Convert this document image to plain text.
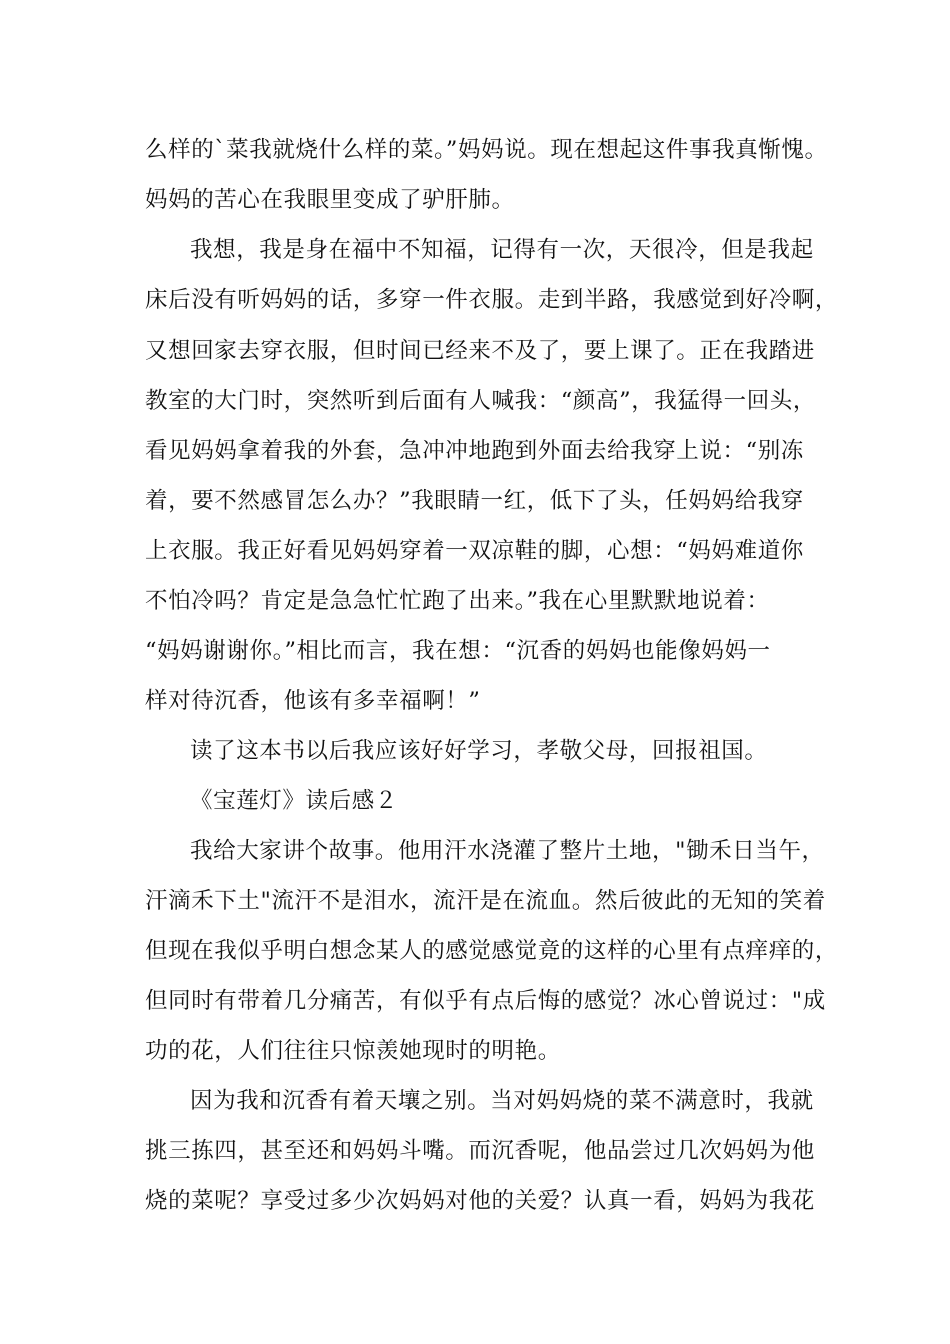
么样的`菜我就烧什么样的菜。”妈妈说。现在想起这件事我真惭愧。
妈妈的苦心在我眼里变成了驴肝肺。
我想，我是身在福中不知福，记得有一次，天很冷，但是我起
床后没有听妈妈的话，多穿一件衣服。走到半路，我感觉到好冷啊，
又想回家去穿衣服，但时间已经来不及了，要上课了。正在我踏进
教室的大门时，突然听到后面有人喊我：“颜高”，我猛得一回头，
看见妈妈拿着我的外套，急冲冲地跑到外面去给我穿上说：“别冻
着，要不然感冒怎么办？”我眼睛一红，低下了头，任妈妈给我穿
上衣服。我正好看见妈妈穿着一双凉鞋的脚，心想：“妈妈难道你
不怕冷吗？肯定是急急忙忙跑了出来。”我在心里默默地说着：
“妈妈谢谢你。”相比而言，我在想：“沉香的妈妈也能像妈妈一
样对待沉香，他该有多幸福啊！”
读了这本书以后我应该好好学习，孝敬父母，回报祖国。
《宝莲灯》读后感２
我给大家讲个故事。他用汗水浇灌了整片土地，"锄禾日当午，
汗滴禾下土"流汗不是泪水，流汗是在流血。然后彼此的无知的笑着
但现在我似乎明白想念某人的感觉感觉竟的这样的心里有点痒痒的，
但同时有带着几分痛苦，有似乎有点后悔的感觉？冰心曾说过："成
功的花，人们往往只惊羡她现时的明艳。
因为我和沉香有着天壤之别。当对妈妈烧的菜不满意时，我就
挑三拣四，甚至还和妈妈斗嘴。而沉香呢，他品尝过几次妈妈为他
烧的菜呢？享受过多少次妈妈对他的关爱？认真一看，妈妈为我花
